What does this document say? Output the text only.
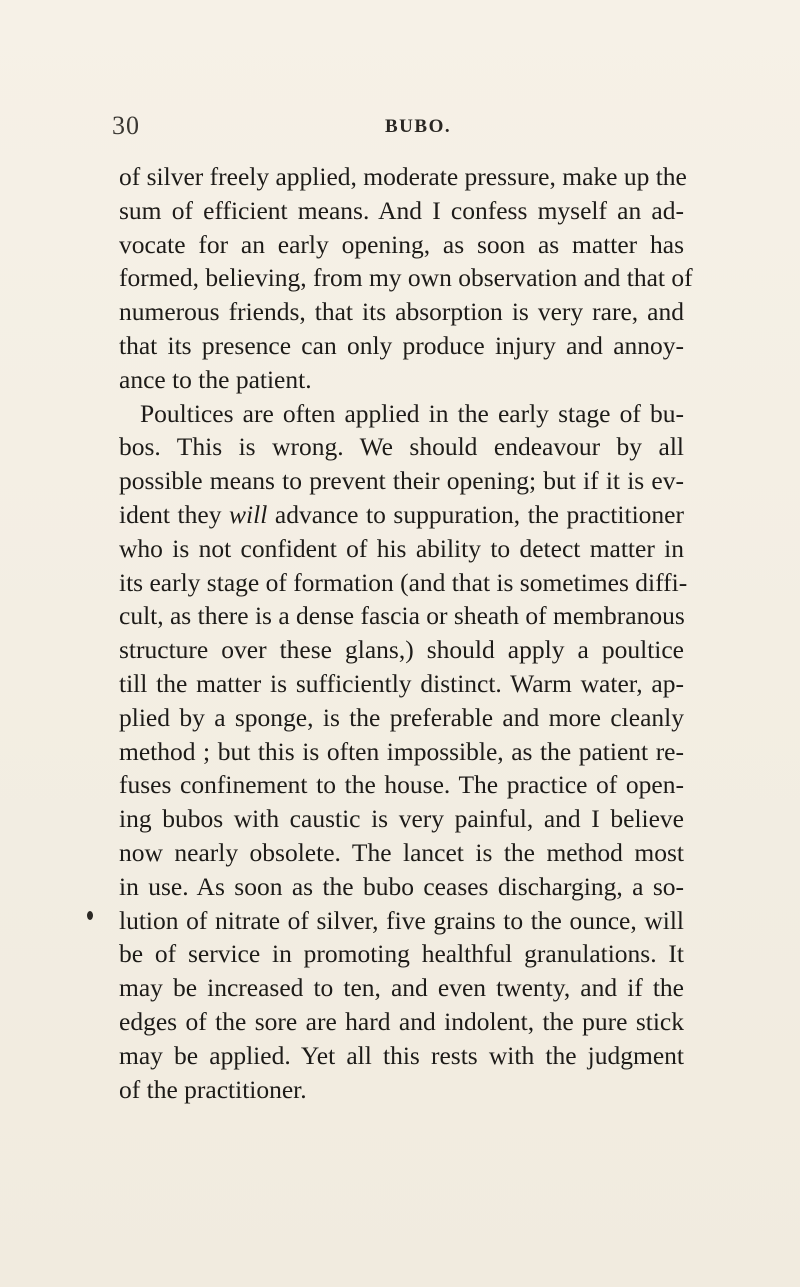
30	BUBO.
of silver freely applied, moderate pressure, make up the
sum of efficient means. And I confess myself an ad-
vocate for an early opening, as soon as matter has
formed, believing, from my own observation and that of
numerous friends, that its absorption is very rare, and
that its presence can only produce injury and annoy-
ance to the patient.
Poultices are often applied in the early stage of bu-
bos. This is wrong. We should endeavour by all
possible means to prevent their opening; but if it is ev-
ident they will advance to suppuration, the practitioner
who is not confident of his ability to detect matter in
its early stage of formation (and that is sometimes diffi-
cult, as there is a dense fascia or sheath of membranous
structure over these glans,) should apply a poultice
till the matter is sufficiently distinct. Warm water, ap-
plied by a sponge, is the preferable and more cleanly
method ; but this is often impossible, as the patient re-
fuses confinement to the house. The practice of open-
ing bubos with caustic is very painful, and I believe
now nearly obsolete. The lancet is the method most
in use. As soon as the bubo ceases discharging, a so-
lution of nitrate of silver, five grains to the ounce, will
be of service in promoting healthful granulations. It
may be increased to ten, and even twenty, and if the
edges of the sore are hard and indolent, the pure stick
may be applied. Yet all this rests with the judgment
of the practitioner.
